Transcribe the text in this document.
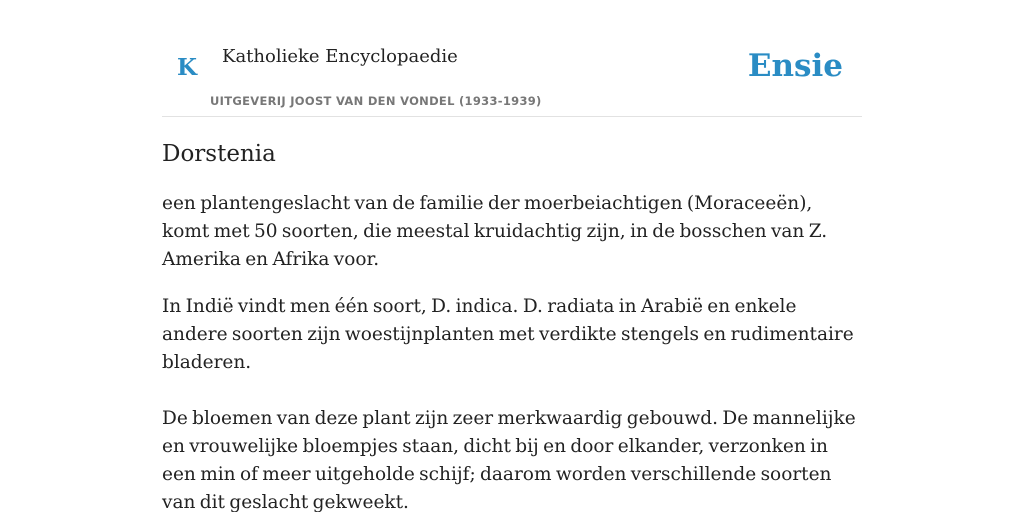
K Katholieke Encyclopaedie
UITGEVERIJ JOOST VAN DEN VONDEL (1933-1939)
Ensie
Dorstenia

een plantengeslacht van de familie der moerbeiachtigen (Moraceeën), komt met 50 soorten, die meestal kruidachtig zijn, in de bosschen van Z. Amerika en Afrika voor.

In Indië vindt men één soort, D. indica. D. radiata in Arabië en enkele andere soorten zijn woestijnplanten met verdikte stengels en rudimentaire bladeren.

De bloemen van deze plant zijn zeer merkwaardig gebouwd. De mannelijke en vrouwelijke bloempjes staan, dicht bij en door elkander, verzonken in een min of meer uitgeholde schijf; daarom worden verschillende soorten van dit geslacht gekweekt.
